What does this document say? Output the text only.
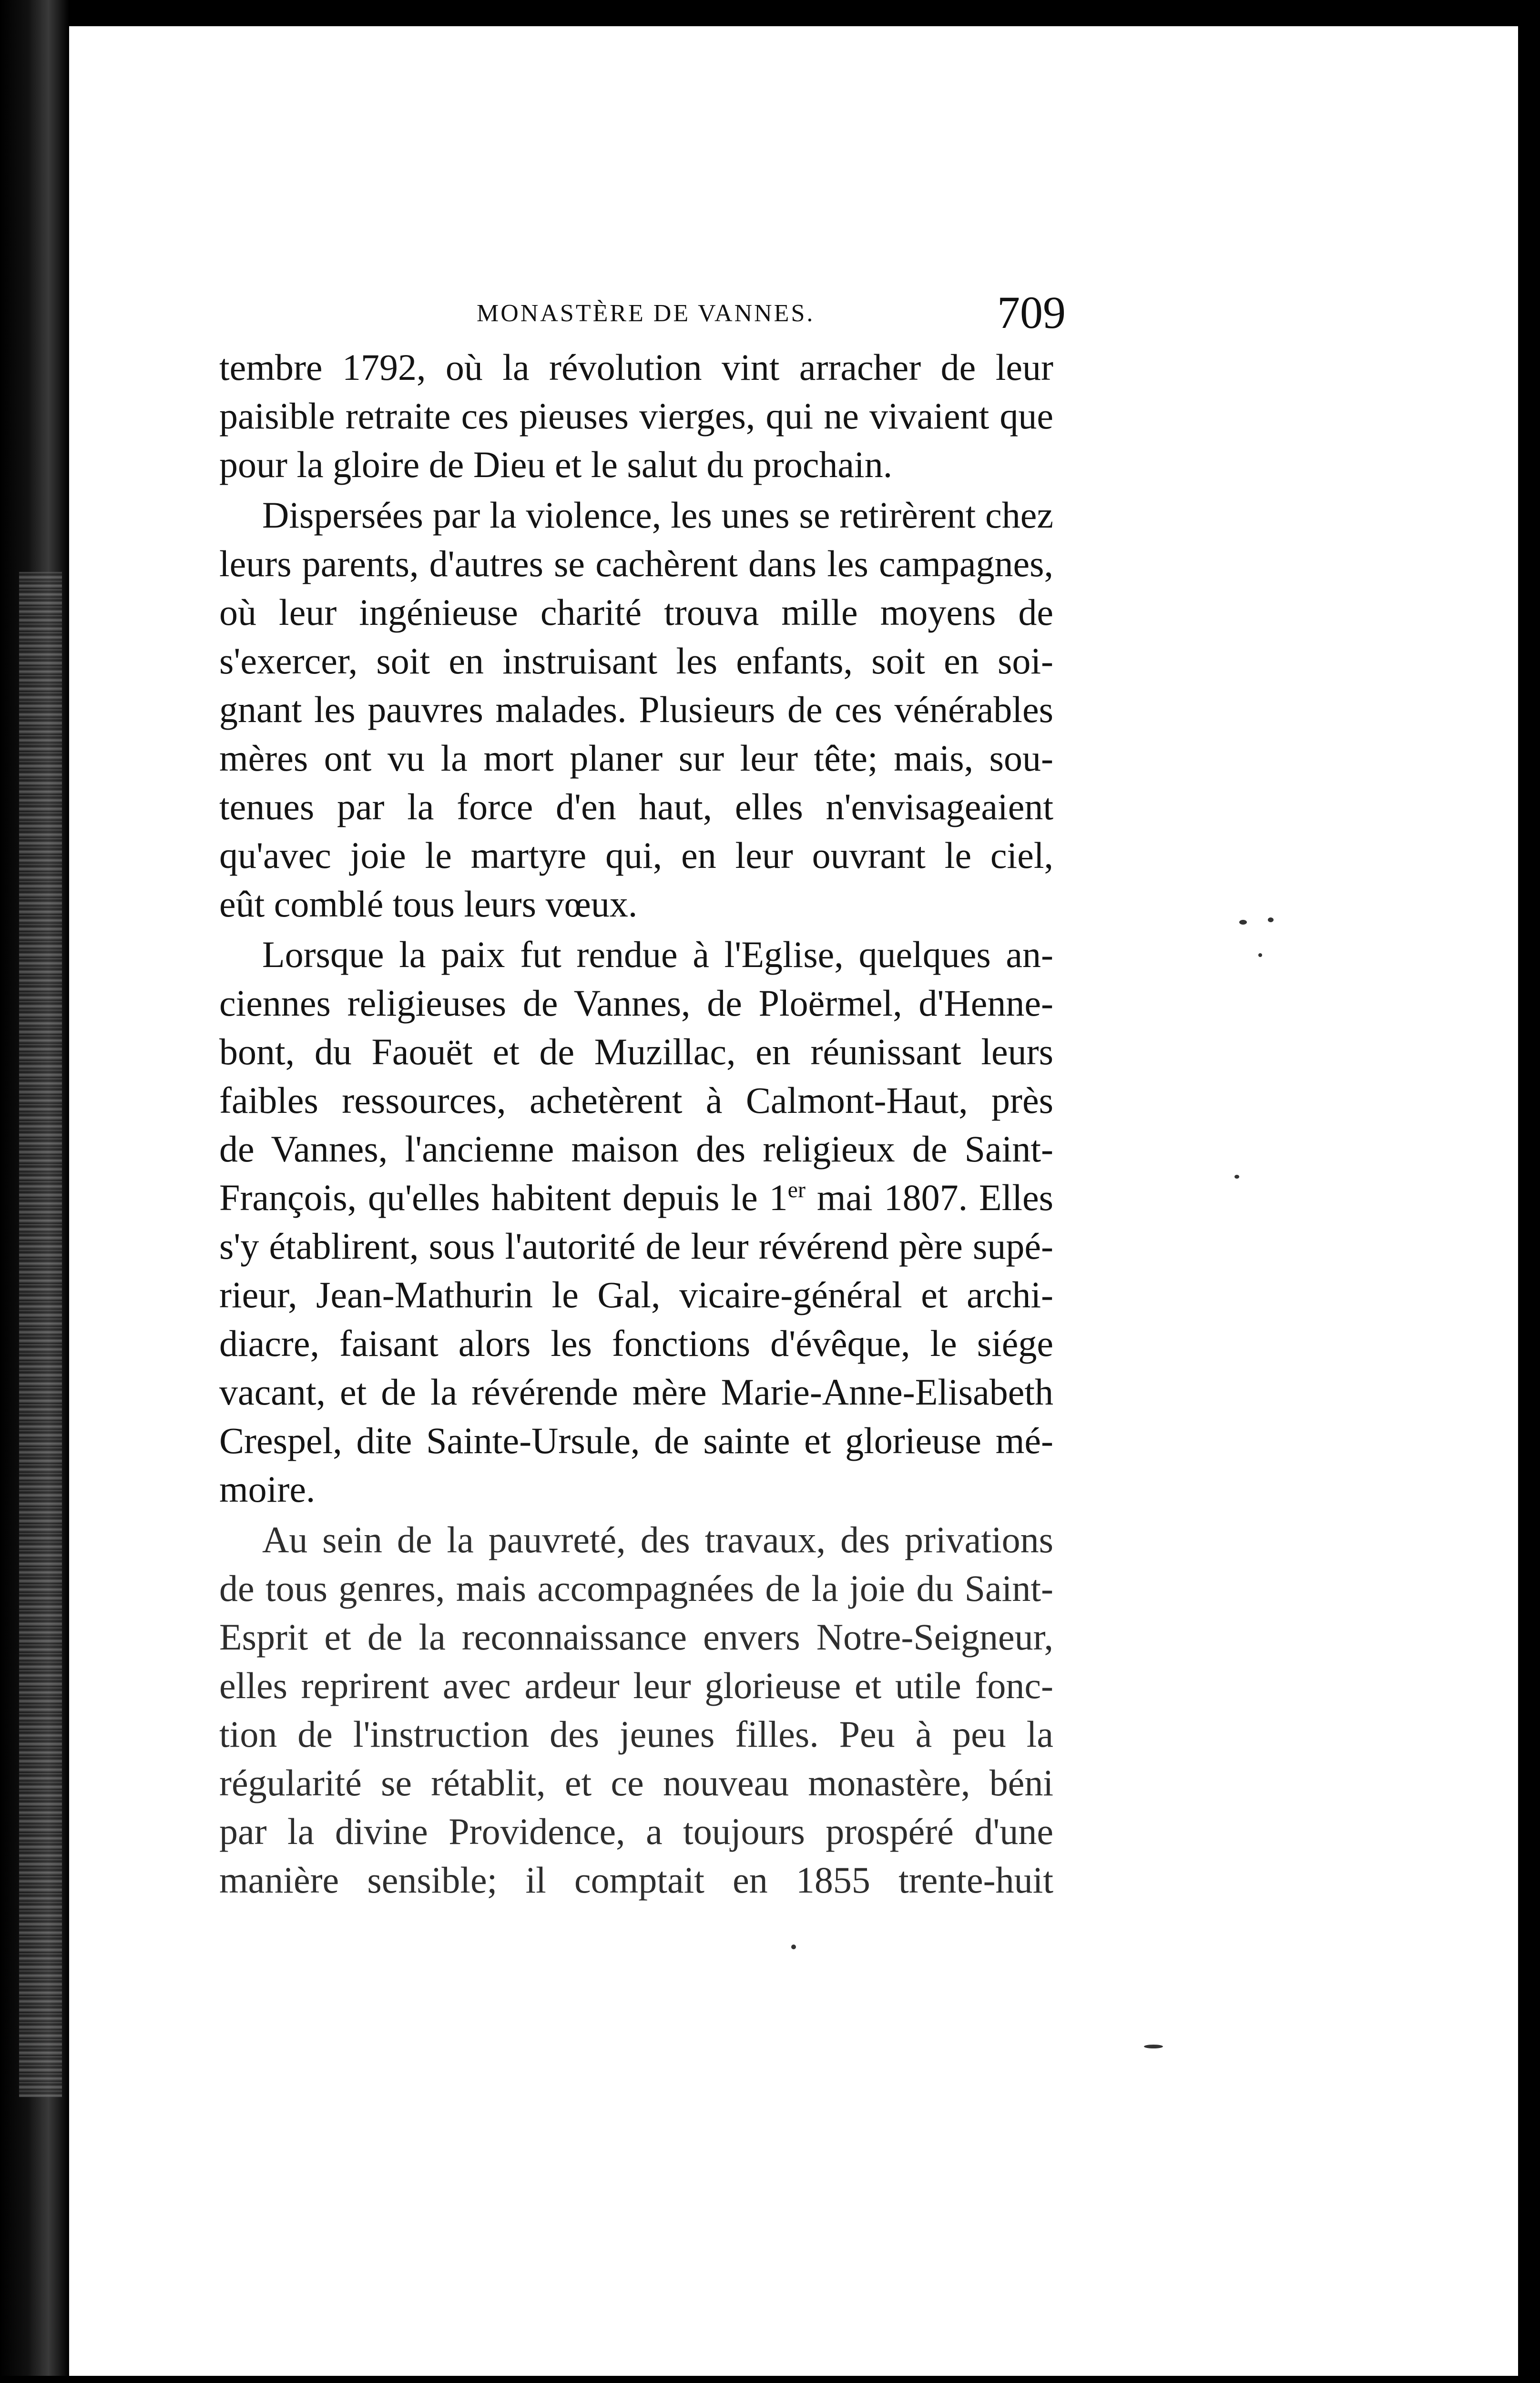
MONASTÈRE DE VANNES.	709
tembre 1792, où la révolution vint arracher de leur
paisible retraite ces pieuses vierges, qui ne vivaient que
pour la gloire de Dieu et le salut du prochain.
Dispersées par la violence, les unes se retirèrent chez
leurs parents, d'autres se cachèrent dans les campagnes,
où leur ingénieuse charité trouva mille moyens de
s'exercer, soit en instruisant les enfants, soit en soi-
gnant les pauvres malades. Plusieurs de ces vénérables
mères ont vu la mort planer sur leur tête; mais, sou-
tenues par la force d'en haut, elles n'envisageaient
qu'avec joie le martyre qui, en leur ouvrant le ciel,
eût comblé tous leurs vœux.
Lorsque la paix fut rendue à l'Eglise, quelques an-
ciennes religieuses de Vannes, de Ploërmel, d'Henne-
bont, du Faouët et de Muzillac, en réunissant leurs
faibles ressources, achetèrent à Calmont-Haut, près
de Vannes, l'ancienne maison des religieux de Saint-
François, qu'elles habitent depuis le 1er mai 1807. Elles
s'y établirent, sous l'autorité de leur révérend père supé-
rieur, Jean-Mathurin le Gal, vicaire-général et archi-
diacre, faisant alors les fonctions d'évêque, le siége
vacant, et de la révérende mère Marie-Anne-Elisabeth
Crespel, dite Sainte-Ursule, de sainte et glorieuse mé-
moire.
Au sein de la pauvreté, des travaux, des privations
de tous genres, mais accompagnées de la joie du Saint-
Esprit et de la reconnaissance envers Notre-Seigneur,
elles reprirent avec ardeur leur glorieuse et utile fonc-
tion de l'instruction des jeunes filles. Peu à peu la
régularité se rétablit, et ce nouveau monastère, béni
par la divine Providence, a toujours prospéré d'une
manière sensible; il comptait en 1855 trente-huit
